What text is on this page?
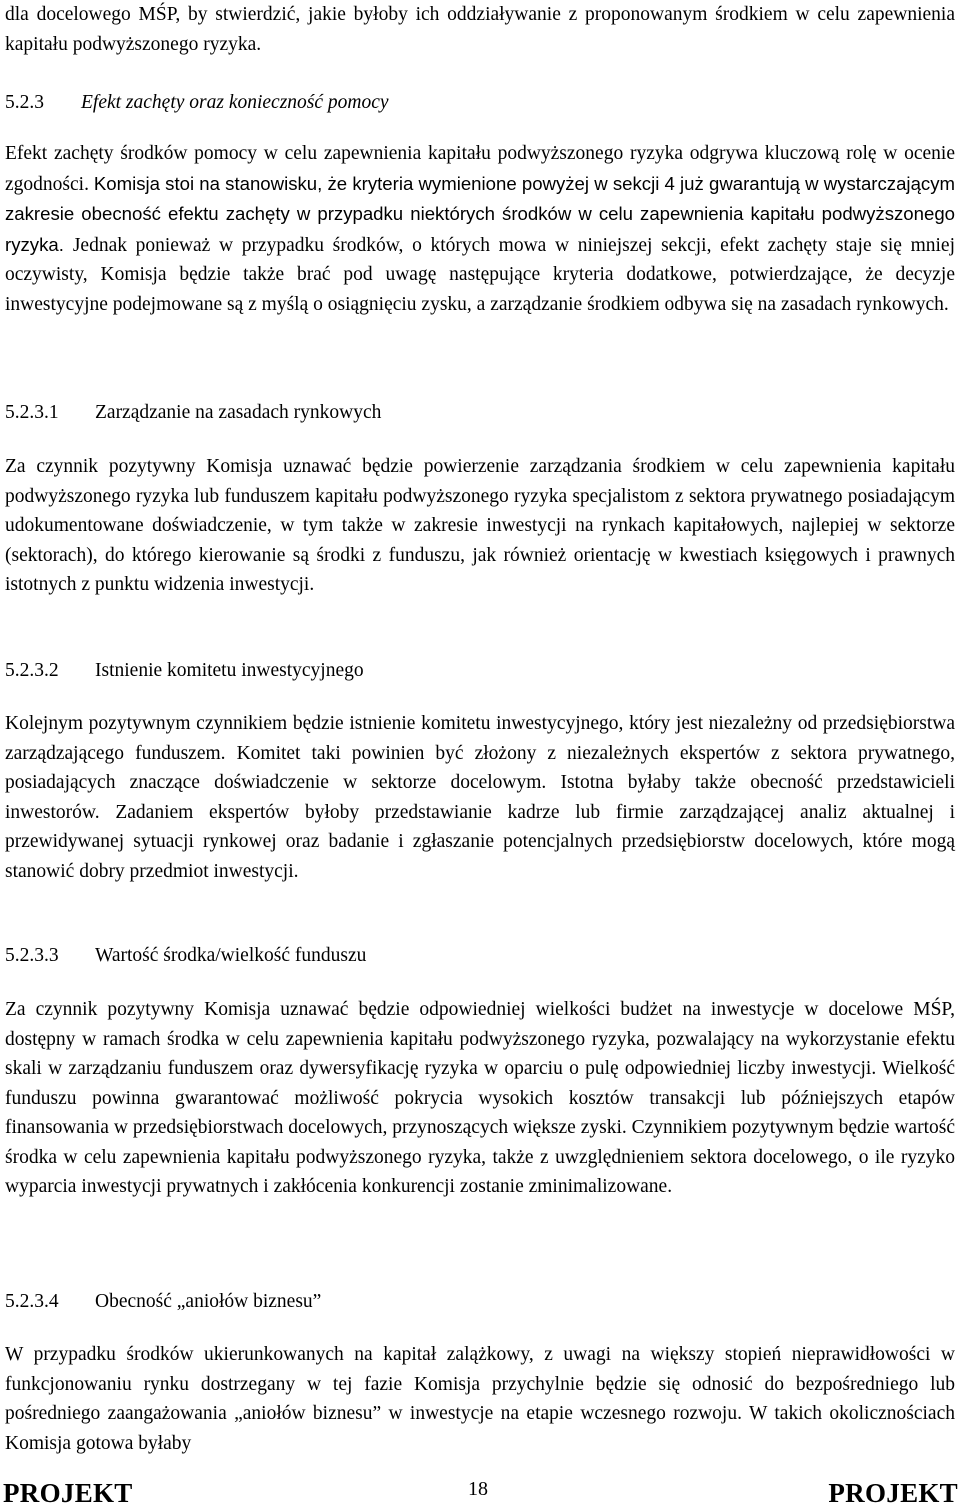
dla docelowego MŚP, by stwierdzić, jakie byłoby ich oddziaływanie z proponowanym środkiem w celu zapewnienia kapitału podwyższonego ryzyka.

5.2.3 Efekt zachęty oraz konieczność pomocy

Efekt zachęty środków pomocy w celu zapewnienia kapitału podwyższonego ryzyka odgrywa kluczową rolę w ocenie zgodności. Komisja stoi na stanowisku, że kryteria wymienione powyżej w sekcji 4 już gwarantują w wystarczającym zakresie obecność efektu zachęty w przypadku niektórych środków w celu zapewnienia kapitału podwyższonego ryzyka. Jednak ponieważ w przypadku środków, o których mowa w niniejszej sekcji, efekt zachęty staje się mniej oczywisty, Komisja będzie także brać pod uwagę następujące kryteria dodatkowe, potwierdzające, że decyzje inwestycyjne podejmowane są z myślą o osiągnięciu zysku, a zarządzanie środkiem odbywa się na zasadach rynkowych.

5.2.3.1 Zarządzanie na zasadach rynkowych

Za czynnik pozytywny Komisja uznawać będzie powierzenie zarządzania środkiem w celu zapewnienia kapitału podwyższonego ryzyka lub funduszem kapitału podwyższonego ryzyka specjalistom z sektora prywatnego posiadającym udokumentowane doświadczenie, w tym także w zakresie inwestycji na rynkach kapitałowych, najlepiej w sektorze (sektorach), do którego kierowanie są środki z funduszu, jak również orientację w kwestiach księgowych i prawnych istotnych z punktu widzenia inwestycji.

5.2.3.2 Istnienie komitetu inwestycyjnego

Kolejnym pozytywnym czynnikiem będzie istnienie komitetu inwestycyjnego, który jest niezależny od przedsiębiorstwa zarządzającego funduszem. Komitet taki powinien być złożony z niezależnych ekspertów z sektora prywatnego, posiadających znaczące doświadczenie w sektorze docelowym. Istotna byłaby także obecność przedstawicieli inwestorów. Zadaniem ekspertów byłoby przedstawianie kadrze lub firmie zarządzającej analiz aktualnej i przewidywanej sytuacji rynkowej oraz badanie i zgłaszanie potencjalnych przedsiębiorstw docelowych, które mogą stanowić dobry przedmiot inwestycji.

5.2.3.3 Wartość środka/wielkość funduszu

Za czynnik pozytywny Komisja uznawać będzie odpowiedniej wielkości budżet na inwestycje w docelowe MŚP, dostępny w ramach środka w celu zapewnienia kapitału podwyższonego ryzyka, pozwalający na wykorzystanie efektu skali w zarządzaniu funduszem oraz dywersyfikację ryzyka w oparciu o pulę odpowiedniej liczby inwestycji. Wielkość funduszu powinna gwarantować możliwość pokrycia wysokich kosztów transakcji lub późniejszych etapów finansowania w przedsiębiorstwach docelowych, przynoszących większe zyski. Czynnikiem pozytywnym będzie wartość środka w celu zapewnienia kapitału podwyższonego ryzyka, także z uwzględnieniem sektora docelowego, o ile ryzyko wyparcia inwestycji prywatnych i zakłócenia konkurencji zostanie zminimalizowane.

5.2.3.4 Obecność „aniołów biznesu”

W przypadku środków ukierunkowanych na kapitał zalążkowy, z uwagi na większy stopień nieprawidłowości w funkcjonowaniu rynku dostrzegany w tej fazie Komisja przychylnie będzie się odnosić do bezpośredniego lub pośredniego zaangażowania „aniołów biznesu” w inwestycje na etapie wczesnego rozwoju. W takich okolicznościach Komisja gotowa byłaby

PROJEKT	18	PROJEKT
